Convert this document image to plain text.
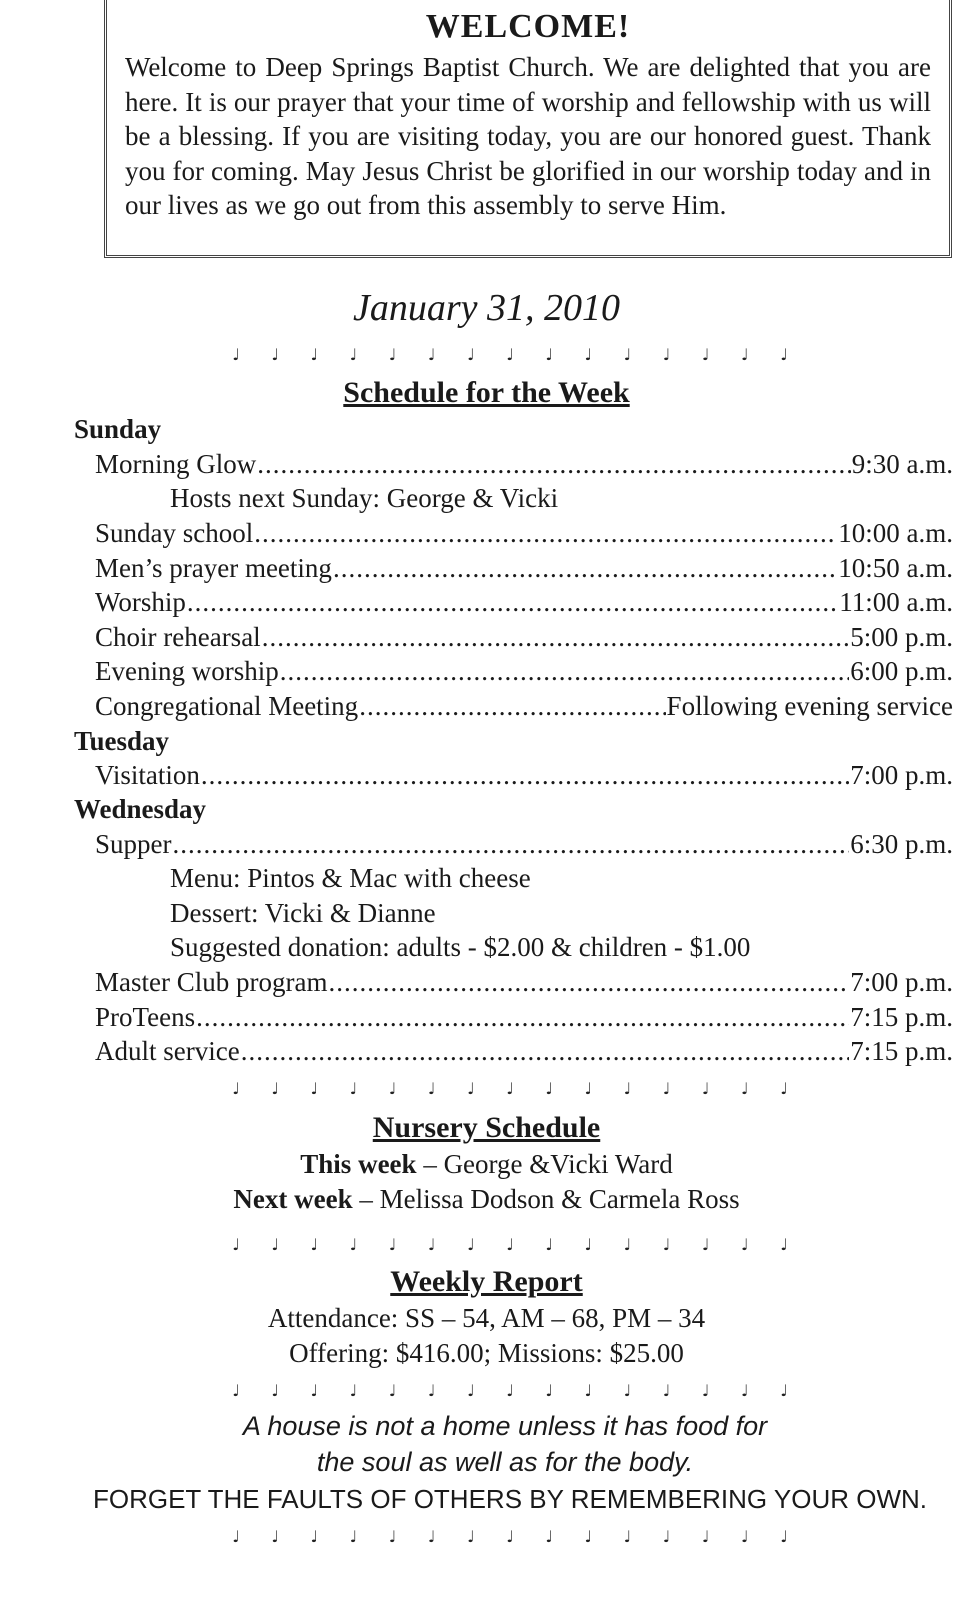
WELCOME!
Welcome to Deep Springs Baptist Church. We are delighted that you are here. It is our prayer that your time of worship and fellowship with us will be a blessing. If you are visiting today, you are our honored guest. Thank you for coming. May Jesus Christ be glorified in our worship today and in our lives as we go out from this assembly to serve Him.
January 31, 2010
♩ ♩ ♩ ♩ ♩ ♩ ♩ ♩ ♩ ♩ ♩ ♩ ♩ ♩ ♩
Schedule for the Week
Sunday
Morning Glow .....	9:30 a.m.
Hosts next Sunday: George & Vicki
Sunday school .....	10:00 a.m.
Men’s prayer meeting .....	10:50 a.m.
Worship .....	11:00 a.m.
Choir rehearsal .....	5:00 p.m.
Evening worship .....	6:00 p.m.
Congregational Meeting .....	Following evening service
Tuesday
Visitation .....	7:00 p.m.
Wednesday
Supper .....	6:30 p.m.
Menu: Pintos & Mac with cheese
Dessert: Vicki & Dianne
Suggested donation: adults - $2.00 & children - $1.00
Master Club program .....	7:00 p.m.
ProTeens .....	7:15 p.m.
Adult service .....	7:15 p.m.
♩ ♩ ♩ ♩ ♩ ♩ ♩ ♩ ♩ ♩ ♩ ♩ ♩ ♩ ♩
Nursery Schedule
This week – George &Vicki Ward
Next week – Melissa Dodson & Carmela Ross
♩ ♩ ♩ ♩ ♩ ♩ ♩ ♩ ♩ ♩ ♩ ♩ ♩ ♩ ♩
Weekly Report
Attendance: SS – 54, AM – 68, PM – 34
Offering: $416.00; Missions: $25.00
♩ ♩ ♩ ♩ ♩ ♩ ♩ ♩ ♩ ♩ ♩ ♩ ♩ ♩ ♩
A house is not a home unless it has food for
the soul as well as for the body.
FORGET THE FAULTS OF OTHERS BY REMEMBERING YOUR OWN.
♩ ♩ ♩ ♩ ♩ ♩ ♩ ♩ ♩ ♩ ♩ ♩ ♩ ♩ ♩
